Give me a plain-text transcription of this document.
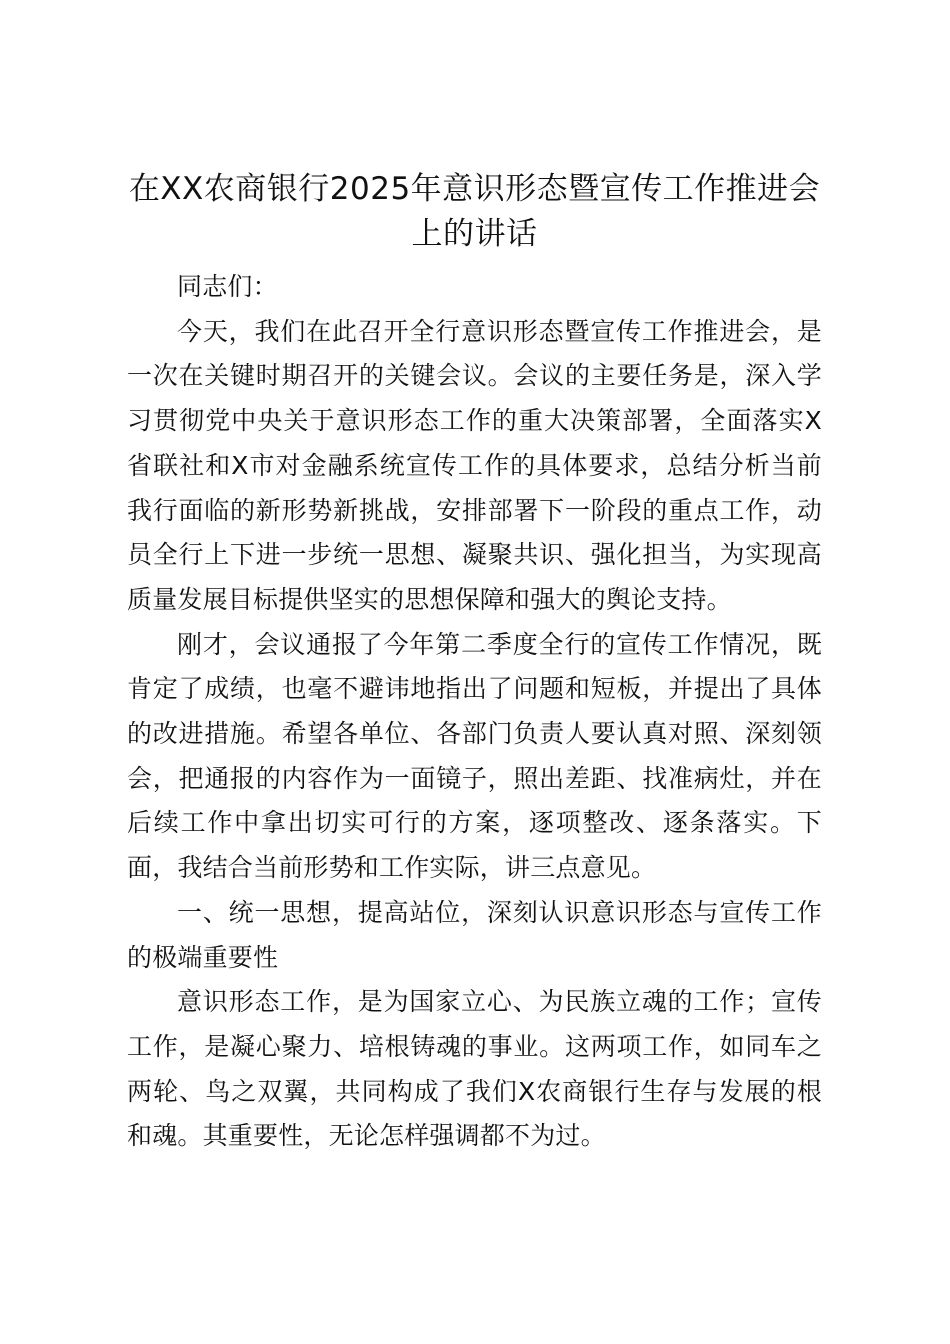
在XX农商银行2025年意识形态暨宣传工作推进会上的讲话

同志们：

今天，我们在此召开全行意识形态暨宣传工作推进会，是一次在关键时期召开的关键会议。会议的主要任务是，深入学习贯彻党中央关于意识形态工作的重大决策部署，全面落实X省联社和X市对金融系统宣传工作的具体要求，总结分析当前我行面临的新形势新挑战，安排部署下一阶段的重点工作，动员全行上下进一步统一思想、凝聚共识、强化担当，为实现高质量发展目标提供坚实的思想保障和强大的舆论支持。

刚才，会议通报了今年第二季度全行的宣传工作情况，既肯定了成绩，也毫不避讳地指出了问题和短板，并提出了具体的改进措施。希望各单位、各部门负责人要认真对照、深刻领会，把通报的内容作为一面镜子，照出差距、找准病灶，并在后续工作中拿出切实可行的方案，逐项整改、逐条落实。下面，我结合当前形势和工作实际，讲三点意见。

一、统一思想，提高站位，深刻认识意识形态与宣传工作的极端重要性

意识形态工作，是为国家立心、为民族立魂的工作；宣传工作，是凝心聚力、培根铸魂的事业。这两项工作，如同车之两轮、鸟之双翼，共同构成了我们X农商银行生存与发展的根和魂。其重要性，无论怎样强调都不为过。
